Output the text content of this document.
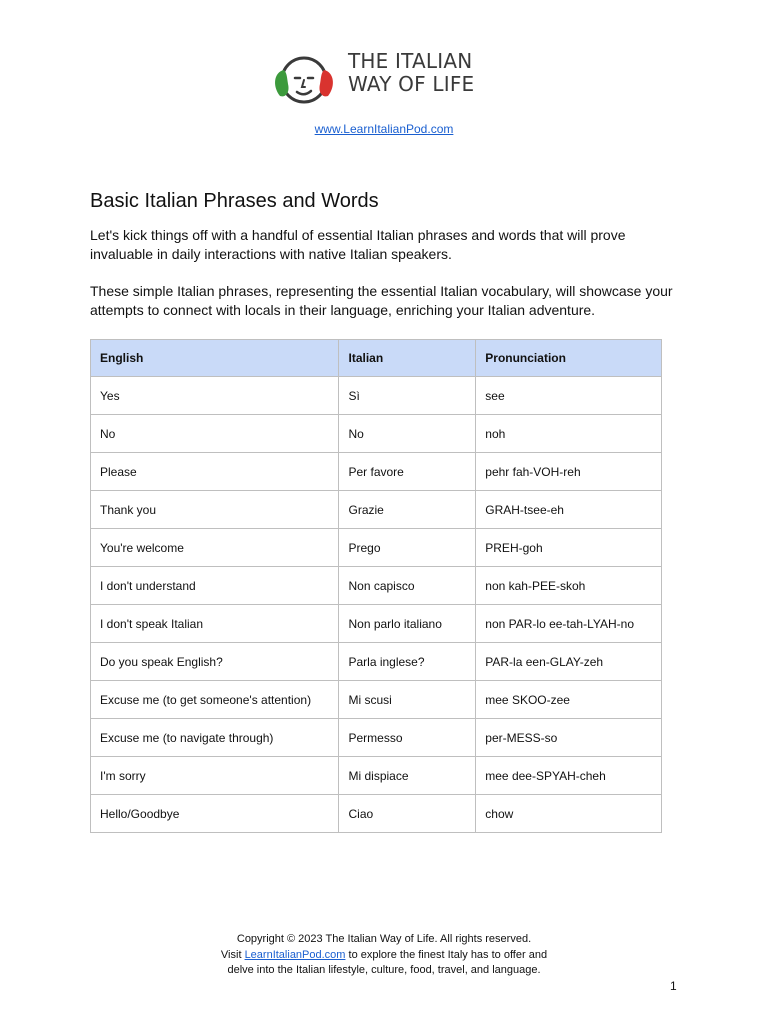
THE ITALIAN
WAY OF LIFE
www.LearnItalianPod.com
Basic Italian Phrases and Words

Let's kick things off with a handful of essential Italian phrases and words that will prove invaluable in daily interactions with native Italian speakers.

These simple Italian phrases, representing the essential Italian vocabulary, will showcase your attempts to connect with locals in their language, enriching your Italian adventure.

English	Italian	Pronunciation
Yes	Sì	see
No	No	noh
Please	Per favore	pehr fah-VOH-reh
Thank you	Grazie	GRAH-tsee-eh
You're welcome	Prego	PREH-goh
I don't understand	Non capisco	non kah-PEE-skoh
I don't speak Italian	Non parlo italiano	non PAR-lo ee-tah-LYAH-no
Do you speak English?	Parla inglese?	PAR-la een-GLAY-zeh
Excuse me (to get someone's attention)	Mi scusi	mee SKOO-zee
Excuse me (to navigate through)	Permesso	per-MESS-so
I'm sorry	Mi dispiace	mee dee-SPYAH-cheh
Hello/Goodbye	Ciao	chow
Copyright © 2023 The Italian Way of Life. All rights reserved.
Visit LearnItalianPod.com to explore the finest Italy has to offer and
delve into the Italian lifestyle, culture, food, travel, and language.
1
